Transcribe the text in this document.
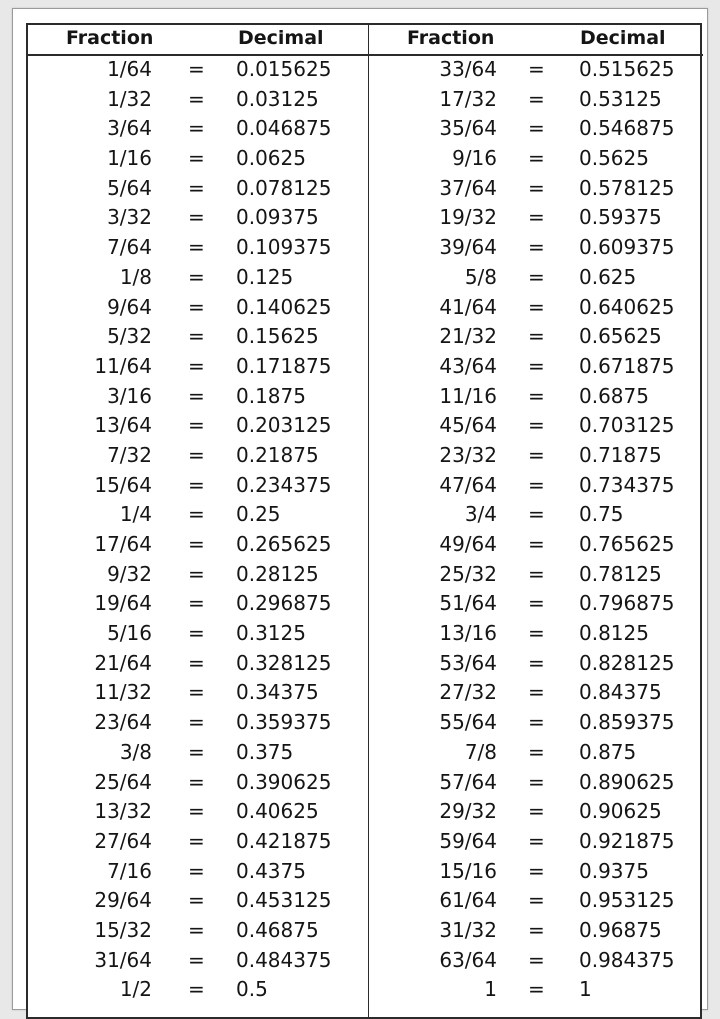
Fraction	Decimal
1/64 = 0.015625
1/32 = 0.03125
3/64 = 0.046875
1/16 = 0.0625
5/64 = 0.078125
3/32 = 0.09375
7/64 = 0.109375
1/8 = 0.125
9/64 = 0.140625
5/32 = 0.15625
11/64 = 0.171875
3/16 = 0.1875
13/64 = 0.203125
7/32 = 0.21875
15/64 = 0.234375
1/4 = 0.25
17/64 = 0.265625
9/32 = 0.28125
19/64 = 0.296875
5/16 = 0.3125
21/64 = 0.328125
11/32 = 0.34375
23/64 = 0.359375
3/8 = 0.375
25/64 = 0.390625
13/32 = 0.40625
27/64 = 0.421875
7/16 = 0.4375
29/64 = 0.453125
15/32 = 0.46875
31/64 = 0.484375
1/2 = 0.5
Fraction	Decimal
33/64 = 0.515625
17/32 = 0.53125
35/64 = 0.546875
9/16 = 0.5625
37/64 = 0.578125
19/32 = 0.59375
39/64 = 0.609375
5/8 = 0.625
41/64 = 0.640625
21/32 = 0.65625
43/64 = 0.671875
11/16 = 0.6875
45/64 = 0.703125
23/32 = 0.71875
47/64 = 0.734375
3/4 = 0.75
49/64 = 0.765625
25/32 = 0.78125
51/64 = 0.796875
13/16 = 0.8125
53/64 = 0.828125
27/32 = 0.84375
55/64 = 0.859375
7/8 = 0.875
57/64 = 0.890625
29/32 = 0.90625
59/64 = 0.921875
15/16 = 0.9375
61/64 = 0.953125
31/32 = 0.96875
63/64 = 0.984375
1 = 1
